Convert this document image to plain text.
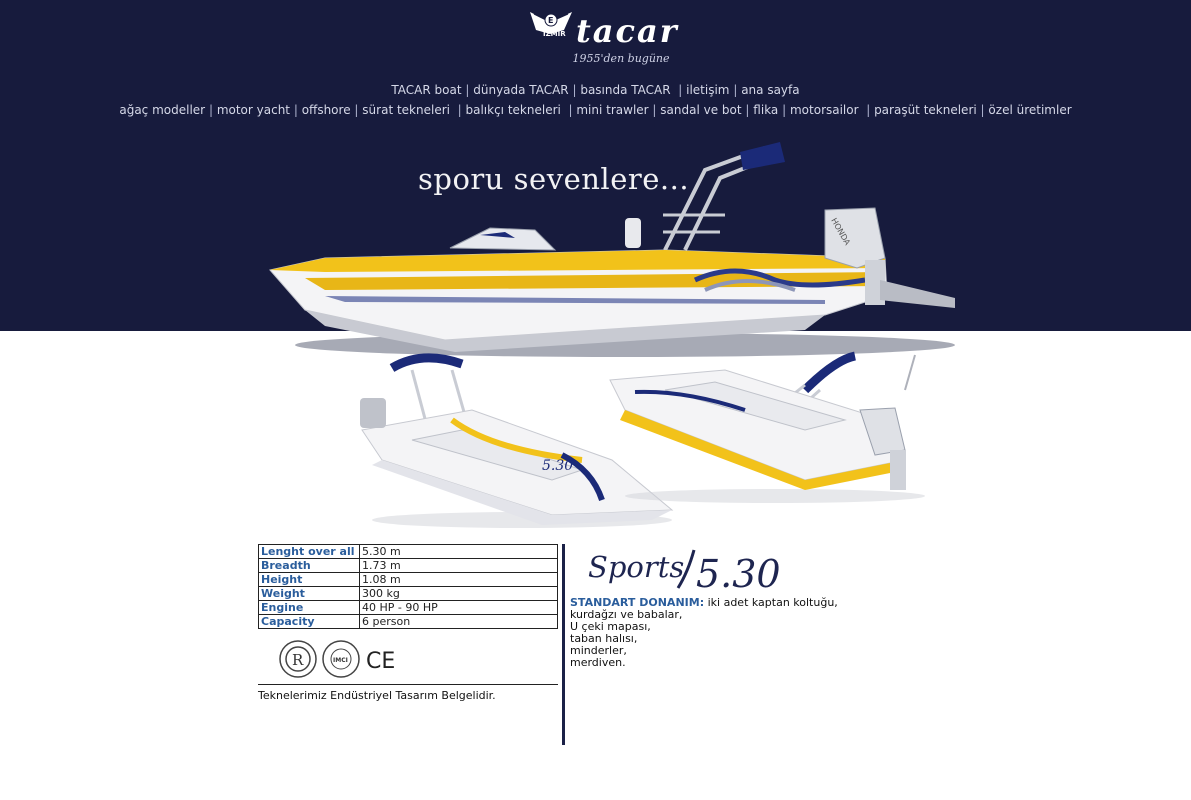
E
IZMIR tacar
1955'den bugüne
TACAR boat | dünyada TACAR | basında TACAR  | iletişim | ana sayfa
ağaç modeller | motor yacht | offshore | sürat tekneleri  | balıkçı tekneleri  | mini trawler | sandal ve bot | flika | motorsailor  | paraşüt tekneleri | özel üretimler
sporu sevenlere...
HONDA
5.30
Lenght over all	5.30 m
Breadth	1.73 m
Height	1.08 m
Weight	300 kg
Engine	40 HP - 90 HP
Capacity	6 person
R	IMCI CE
Teknelerimiz Endüstriyel Tasarım Belgelidir.
Sports 5.30
STANDART DONANIM: iki adet kaptan koltuğu,
kurdağzı ve babalar,
U çeki mapası,
taban halısı,
minderler,
merdiven.
